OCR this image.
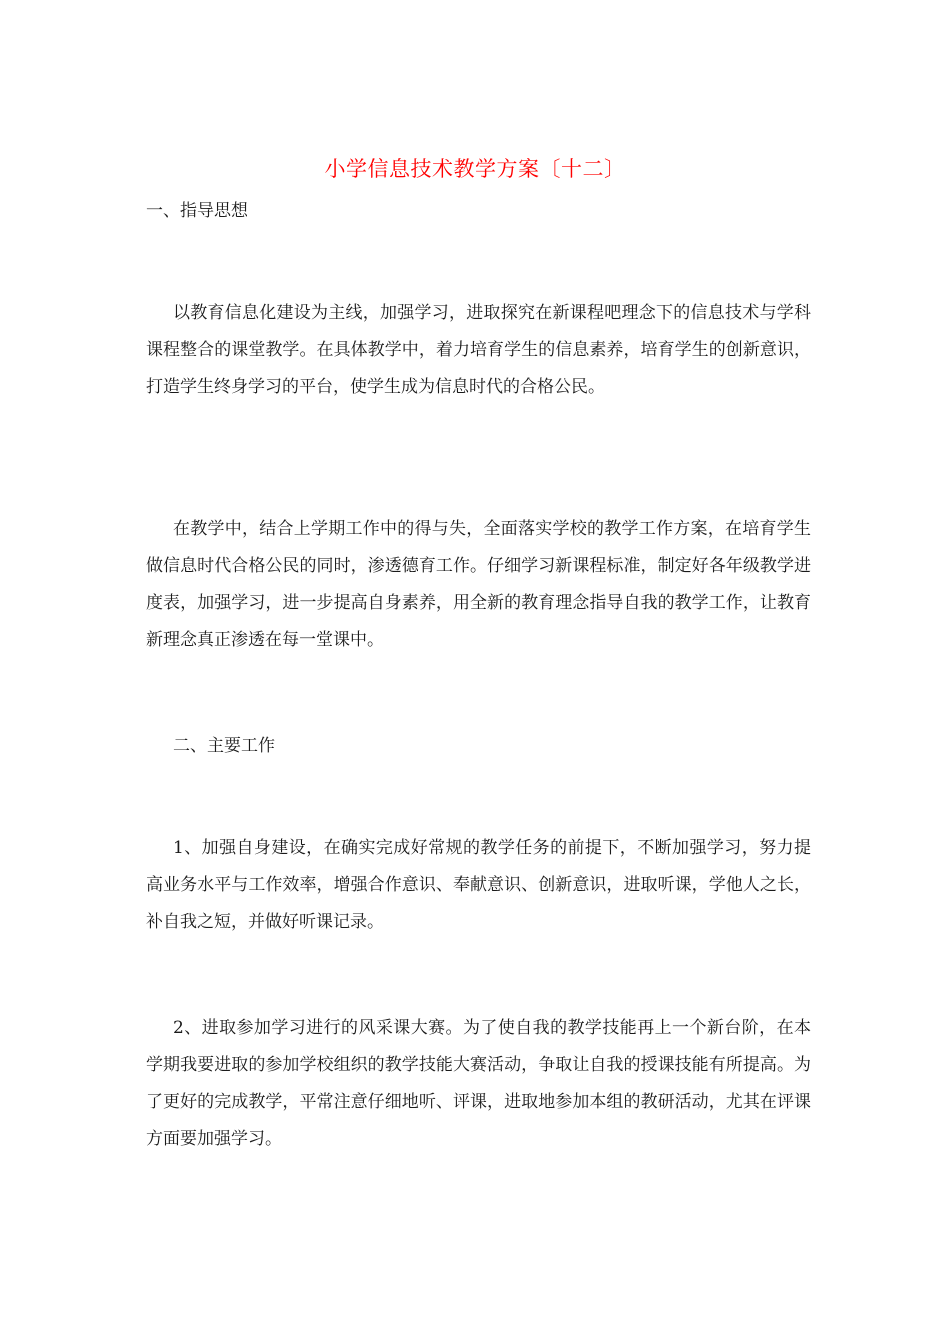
小学信息技术教学方案〔十二〕
一、指导思想

以教育信息化建设为主线，加强学习，进取探究在新课程吧理念下的信息技术与学科课程整合的课堂教学。在具体教学中，着力培育学生的信息素养，培育学生的创新意识，打造学生终身学习的平台，使学生成为信息时代的合格公民。

在教学中，结合上学期工作中的得与失，全面落实学校的教学工作方案，在培育学生做信息时代合格公民的同时，渗透德育工作。仔细学习新课程标准，制定好各年级教学进度表，加强学习，进一步提高自身素养，用全新的教育理念指导自我的教学工作，让教育新理念真正渗透在每一堂课中。

二、主要工作

1、加强自身建设，在确实完成好常规的教学任务的前提下，不断加强学习，努力提高业务水平与工作效率，增强合作意识、奉献意识、创新意识，进取听课，学他人之长，补自我之短，并做好听课记录。

2、进取参加学习进行的风采课大赛。为了使自我的教学技能再上一个新台阶，在本学期我要进取的参加学校组织的教学技能大赛活动，争取让自我的授课技能有所提高。为了更好的完成教学，平常注意仔细地听、评课，进取地参加本组的教研活动，尤其在评课方面要加强学习。
